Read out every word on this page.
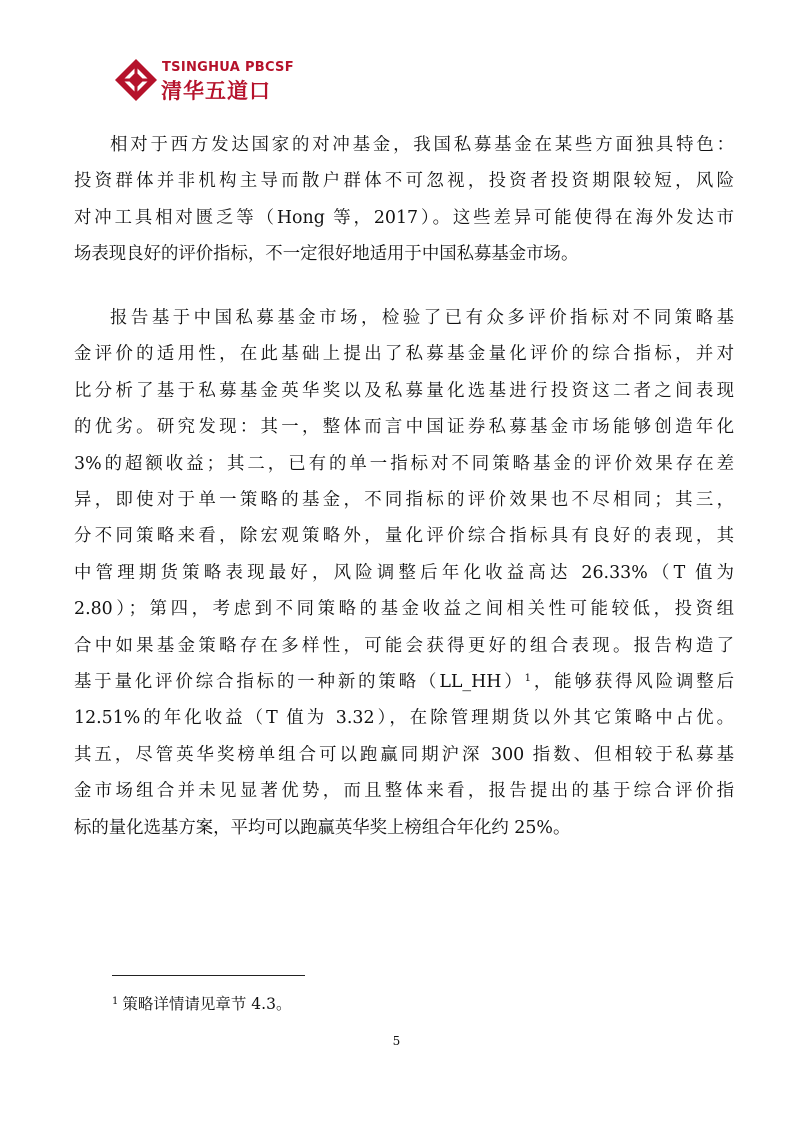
TSINGHUA PBCSF
清华五道口
相对于西方发达国家的对冲基金，我国私募基金在某些方面独具特色：
投资群体并非机构主导而散户群体不可忽视，投资者投资期限较短，风险
对冲工具相对匮乏等（Hong 等，2017）。这些差异可能使得在海外发达市
场表现良好的评价指标，不一定很好地适用于中国私募基金市场。
报告基于中国私募基金市场，检验了已有众多评价指标对不同策略基
金评价的适用性，在此基础上提出了私募基金量化评价的综合指标，并对
比分析了基于私募基金英华奖以及私募量化选基进行投资这二者之间表现
的优劣。研究发现：其一，整体而言中国证券私募基金市场能够创造年化
3%的超额收益；其二，已有的单一指标对不同策略基金的评价效果存在差
异，即使对于单一策略的基金，不同指标的评价效果也不尽相同；其三，
分不同策略来看，除宏观策略外，量化评价综合指标具有良好的表现，其
中管理期货策略表现最好，风险调整后年化收益高达 26.33%（T 值为
2.80）；第四，考虑到不同策略的基金收益之间相关性可能较低，投资组
合中如果基金策略存在多样性，可能会获得更好的组合表现。报告构造了
基于量化评价综合指标的一种新的策略（LL_HH）$^1$，能够获得风险调整后
12.51%的年化收益（T 值为 3.32），在除管理期货以外其它策略中占优。
其五，尽管英华奖榜单组合可以跑赢同期沪深 300 指数、但相较于私募基
金市场组合并未见显著优势，而且整体来看，报告提出的基于综合评价指
标的量化选基方案，平均可以跑赢英华奖上榜组合年化约 25%。
$^1$ 策略详情请见章节 4.3。
5
